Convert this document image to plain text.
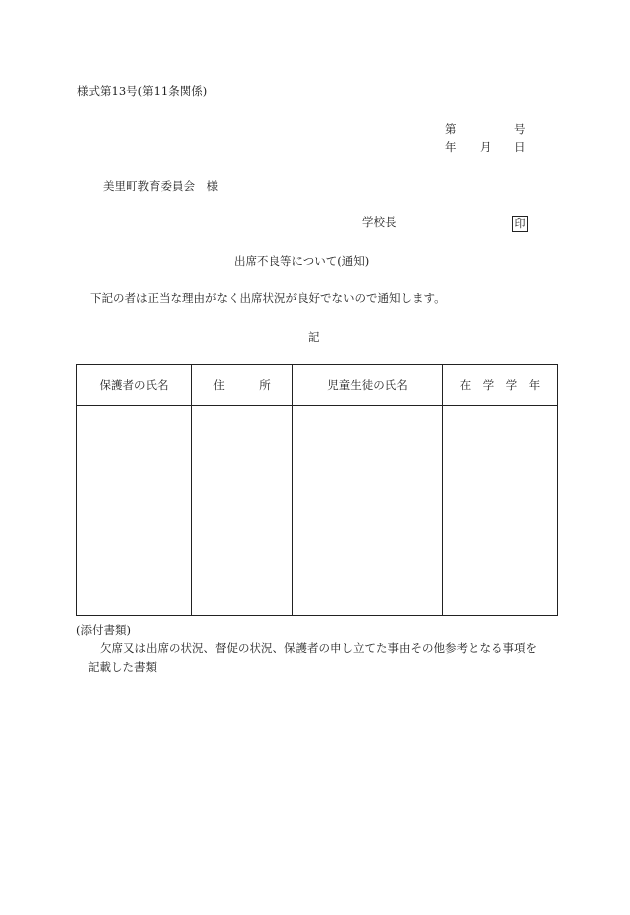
様式第13号(第11条関係)
第	号
年 月 日
美里町教育委員会　様
学校長	印
出席不良等について(通知)
下記の者は正当な理由がなく出席状況が良好でないので通知します。
記
保護者の氏名	住　　　所	児童生徒の氏名	在　学　学　年

(添付書類)
欠席又は出席の状況、督促の状況、保護者の申し立てた事由その他参考となる事項を
記載した書類
